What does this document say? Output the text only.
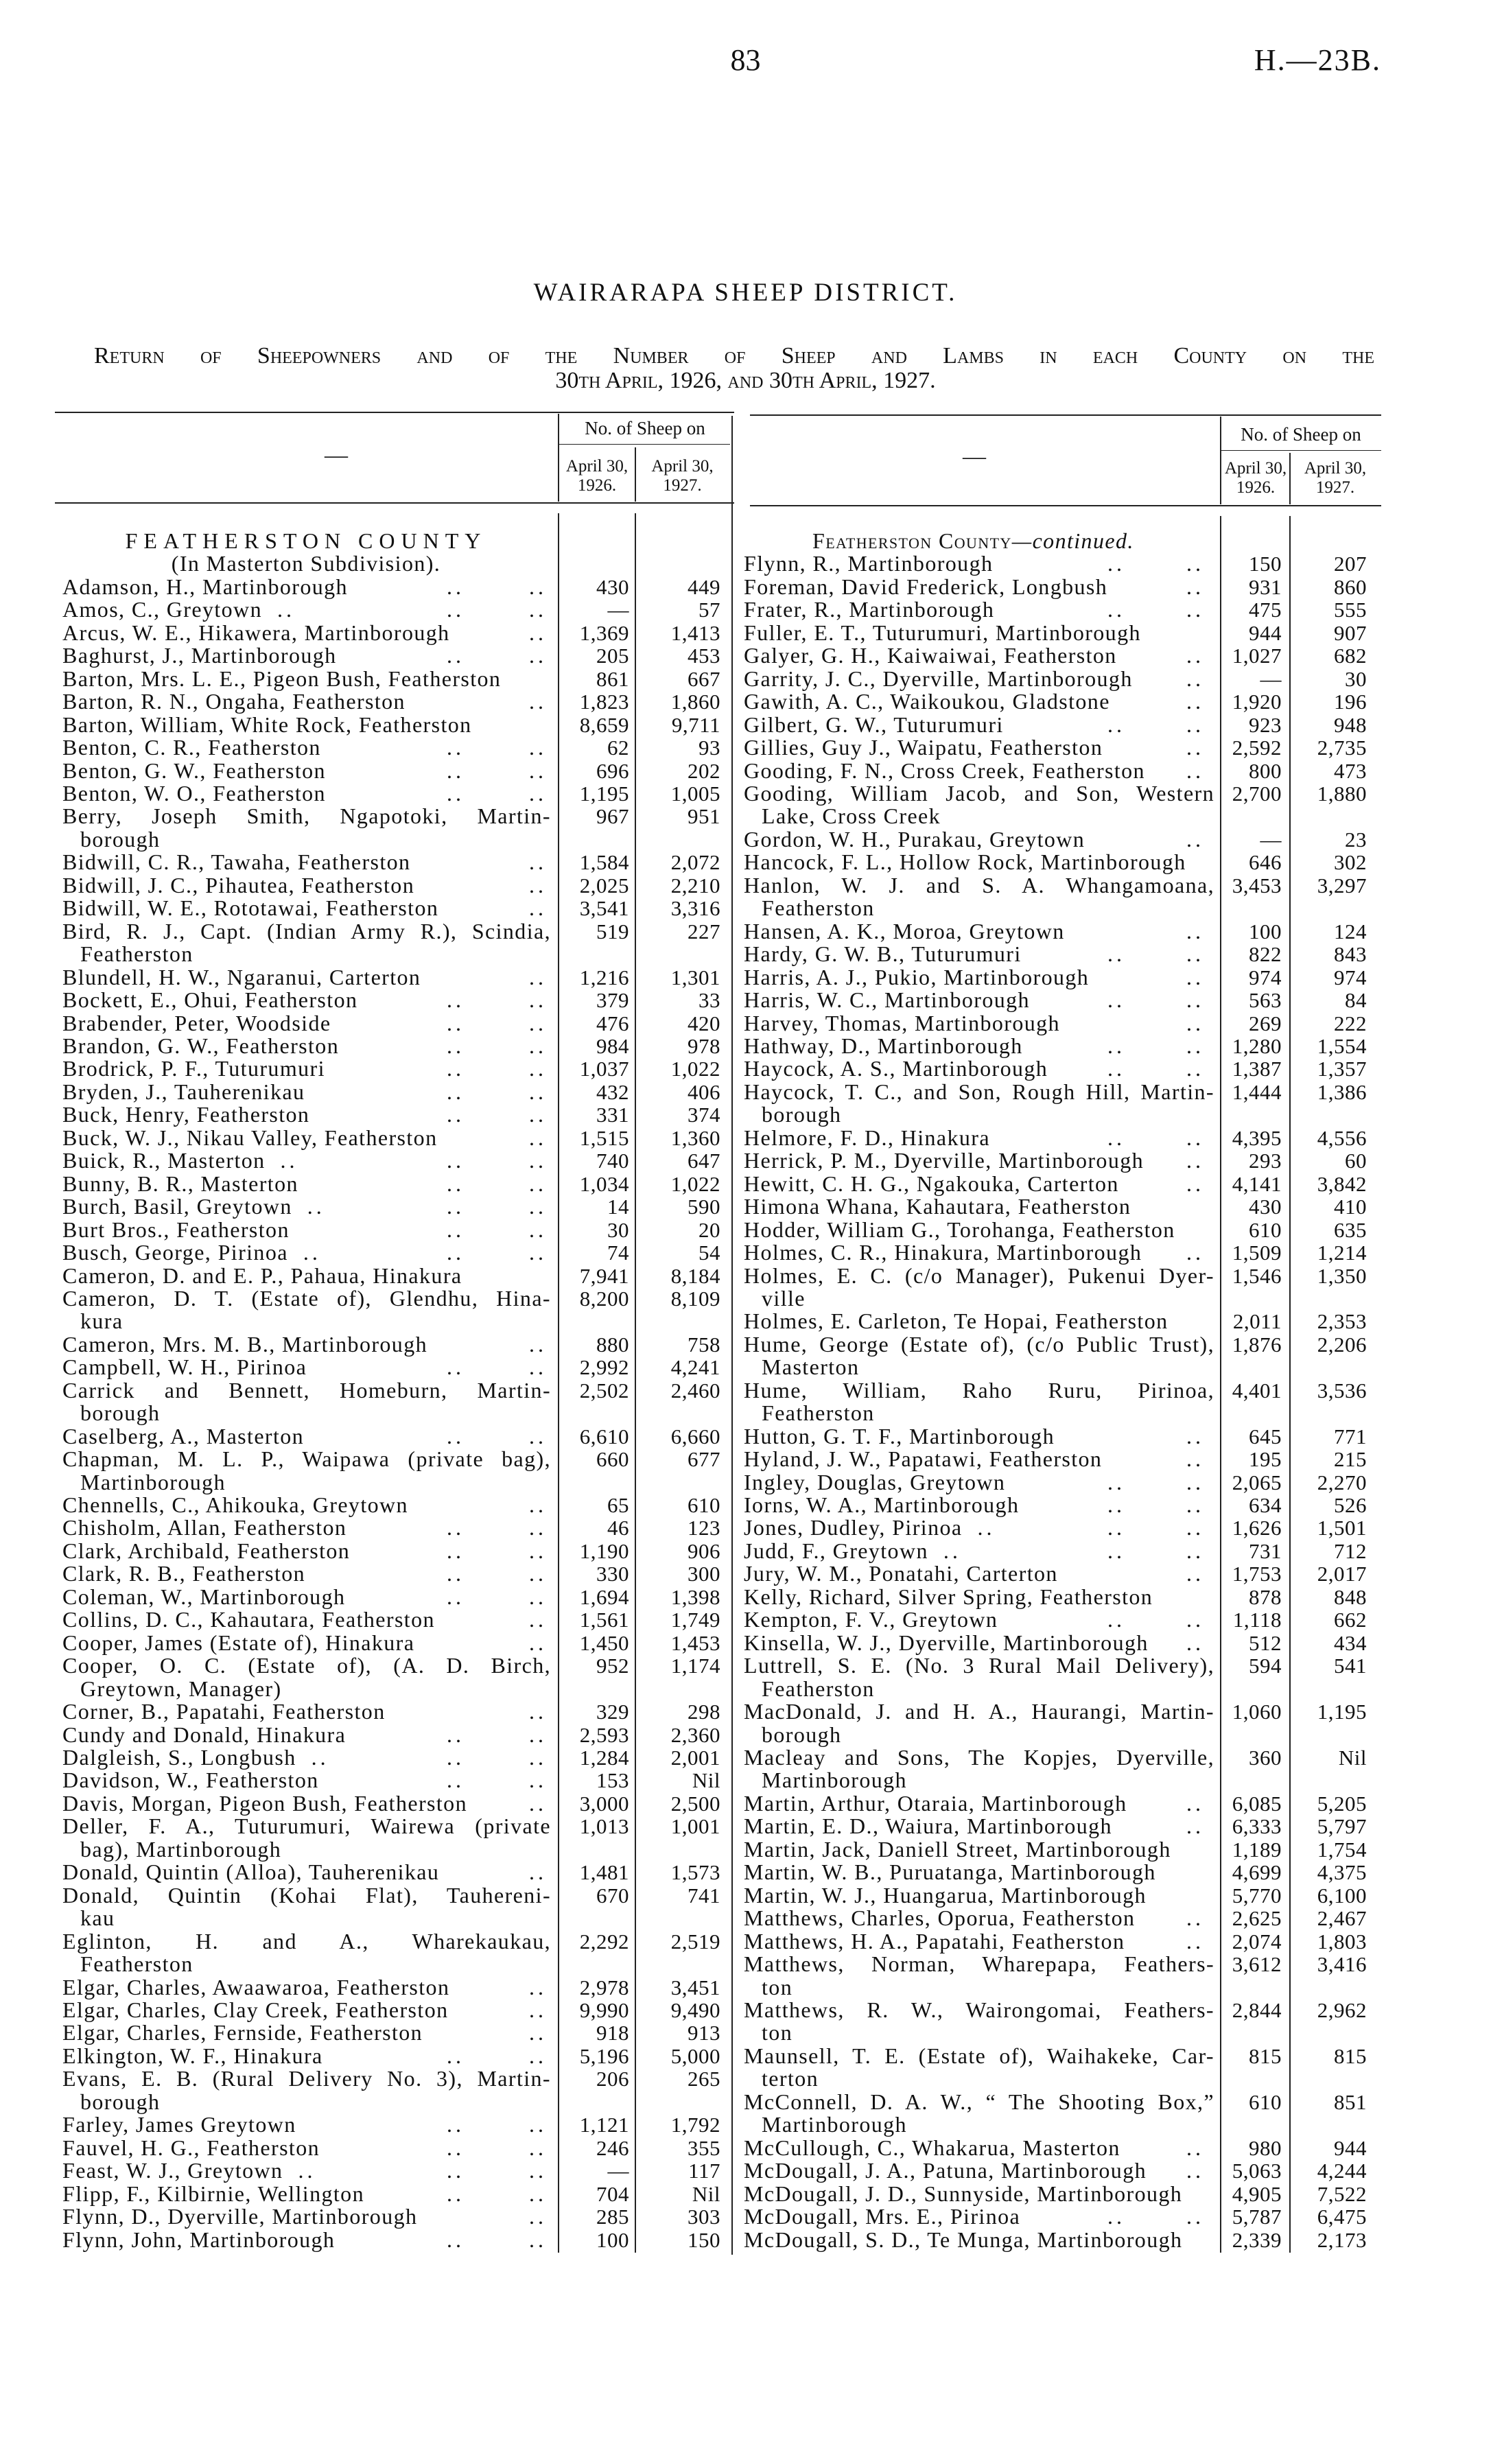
83	H.—23B.
WAIRARAPA SHEEP DISTRICT.
Return of Sheepowners and of the Number of Sheep and Lambs in each County on the
30th April, 1926, and 30th April, 1927.
—
No. of Sheep on
April 30,
1926.
April 30,
1927.
—
No. of Sheep on
April 30,
1926.
April 30,
1927.
FEATHERSTON COUNTY
(In Masterton Subdivision).
Adamson, H., Martinborough	..	.. 430	449
Amos, C., Greytown ..	..	..	—	57
Arcus, W. E., Hikawera, Martinborough	.. 1,369 1,413
Baghurst, J., Martinborough	..	.. 205	453
Barton, Mrs. L. E., Pigeon Bush, Featherston	861	667
Barton, R. N., Ongaha, Featherston	.. 1,823 1,860
Barton, William, White Rock, Featherston	8,659 9,711
Benton, C. R., Featherston	..	..	62	93
Benton, G. W., Featherston	..	.. 696	202
Benton, W. O., Featherston	..	.. 1,195 1,005
Berry, Joseph Smith, Ngapotoki, Martin- 967	951
borough
Bidwill, C. R., Tawaha, Featherston	.. 1,584 2,072
Bidwill, J. C., Pihautea, Featherston	.. 2,025 2,210
Bidwill, W. E., Rototawai, Featherston	.. 3,541 3,316
Bird, R. J., Capt. (Indian Army R.), Scindia, 519	227
Featherston
Blundell, H. W., Ngaranui, Carterton	.. 1,216 1,301
Bockett, E., Ohui, Featherston	..	.. 379	33
Brabender, Peter, Woodside	..	.. 476	420
Brandon, G. W., Featherston	..	.. 984	978
Brodrick, P. F., Tuturumuri	..	.. 1,037 1,022
Bryden, J., Tauherenikau	..	.. 432	406
Buck, Henry, Featherston	..	.. 331	374
Buck, W. J., Nikau Valley, Featherston	.. 1,515 1,360
Buick, R., Masterton ..	..	.. 740	647
Bunny, B. R., Masterton	..	.. 1,034 1,022
Burch, Basil, Greytown ..	..	..	14	590
Burt Bros., Featherston	..	..	30	20
Busch, George, Pirinoa ..	..	..	74	54
Cameron, D. and E. P., Pahaua, Hinakura	7,941 8,184
Cameron, D. T. (Estate of), Glendhu, Hina- 8,200 8,109
kura
Cameron, Mrs. M. B., Martinborough	.. 880	758
Campbell, W. H., Pirinoa	..	.. 2,992 4,241
Carrick and Bennett, Homeburn, Martin- 2,502 2,460
borough
Caselberg, A., Masterton	..	.. 6,610 6,660
Chapman, M. L. P., Waipawa (private bag), 660	677
Martinborough
Chennells, C., Ahikouka, Greytown	..	65	610
Chisholm, Allan, Featherston	..	..	46	123
Clark, Archibald, Featherston	..	.. 1,190	906
Clark, R. B., Featherston	..	.. 330	300
Coleman, W., Martinborough	..	.. 1,694 1,398
Collins, D. C., Kahautara, Featherston	.. 1,561 1,749
Cooper, James (Estate of), Hinakura	.. 1,450 1,453
Cooper, O. C. (Estate of), (A. D. Birch, 952 1,174
Greytown, Manager)
Corner, B., Papatahi, Featherston	.. 329	298
Cundy and Donald, Hinakura	..	.. 2,593 2,360
Dalgleish, S., Longbush ..	..	.. 1,284 2,001
Davidson, W., Featherston	..	.. 153	Nil
Davis, Morgan, Pigeon Bush, Featherston	.. 3,000 2,500
Deller, F. A., Tuturumuri, Wairewa (private 1,013 1,001
bag), Martinborough
Donald, Quintin (Alloa), Tauherenikau	.. 1,481 1,573
Donald, Quintin (Kohai Flat), Tauhereni- 670	741
kau
Eglinton, H. and A., Wharekaukau, 2,292 2,519
Featherston
Elgar, Charles, Awaawaroa, Featherston	.. 2,978 3,451
Elgar, Charles, Clay Creek, Featherston	.. 9,990 9,490
Elgar, Charles, Fernside, Featherston	.. 918	913
Elkington, W. F., Hinakura	..	.. 5,196 5,000
Evans, E. B. (Rural Delivery No. 3), Martin- 206	265
borough
Farley, James Greytown	..	.. 1,121 1,792
Fauvel, H. G., Featherston	..	.. 246	355
Feast, W. J., Greytown ..	..	..	—	117
Flipp, F., Kilbirnie, Wellington	..	.. 704	Nil
Flynn, D., Dyerville, Martinborough	.. 285	303
Flynn, John, Martinborough	..	.. 100	150
Featherston County—continued.
Flynn, R., Martinborough	..	.. 150 207
Foreman, David Frederick, Longbush	.. 931 860
Frater, R., Martinborough	..	.. 475 555
Fuller, E. T., Tuturumuri, Martinborough	944 907
Galyer, G. H., Kaiwaiwai, Featherston	.. 1,027 682
Garrity, J. C., Dyerville, Martinborough ..	—	30
Gawith, A. C., Waikoukou, Gladstone	.. 1,920 196
Gilbert, G. W., Tuturumuri	..	.. 923 948
Gillies, Guy J., Waipatu, Featherston	.. 2,592 2,735
Gooding, F. N., Cross Creek, Featherston .. 800 473
Gooding, William Jacob, and Son, Western 2,700 1,880
Lake, Cross Creek
Gordon, W. H., Purakau, Greytown	..	—	23
Hancock, F. L., Hollow Rock, Martinborough	646 302
Hanlon, W. J. and S. A. Whangamoana, 3,453 3,297
Featherston
Hansen, A. K., Moroa, Greytown	.. 100 124
Hardy, G. W. B., Tuturumuri	..	.. 822 843
Harris, A. J., Pukio, Martinborough	.. 974 974
Harris, W. C., Martinborough	..	.. 563	84
Harvey, Thomas, Martinborough	.. 269 222
Hathway, D., Martinborough	..	.. 1,280 1,554
Haycock, A. S., Martinborough	..	.. 1,387 1,357
Haycock, T. C., and Son, Rough Hill, Martin- 1,444 1,386
borough
Helmore, F. D., Hinakura	..	.. 4,395 4,556
Herrick, P. M., Dyerville, Martinborough .. 293	60
Hewitt, C. H. G., Ngakouka, Carterton	.. 4,141 3,842
Himona Whana, Kahautara, Featherston	430 410
Hodder, William G., Torohanga, Featherston	610 635
Holmes, C. R., Hinakura, Martinborough .. 1,509 1,214
Holmes, E. C. (c/o Manager), Pukenui Dyer- 1,546 1,350
ville
Holmes, E. Carleton, Te Hopai, Featherston	2,011 2,353
Hume, George (Estate of), (c/o Public Trust), 1,876 2,206
Masterton
Hume, William, Raho Ruru, Pirinoa, 4,401 3,536
Featherston
Hutton, G. T. F., Martinborough	.. 645 771
Hyland, J. W., Papatawi, Featherston	.. 195 215
Ingley, Douglas, Greytown	..	.. 2,065 2,270
Iorns, W. A., Martinborough	..	.. 634 526
Jones, Dudley, Pirinoa ..	..	.. 1,626 1,501
Judd, F., Greytown ..	..	.. 731 712
Jury, W. M., Ponatahi, Carterton	.. 1,753 2,017
Kelly, Richard, Silver Spring, Featherston	878 848
Kempton, F. V., Greytown	..	.. 1,118 662
Kinsella, W. J., Dyerville, Martinborough .. 512 434
Luttrell, S. E. (No. 3 Rural Mail Delivery), 594 541
Featherston
MacDonald, J. and H. A., Haurangi, Martin- 1,060 1,195
borough
Macleay and Sons, The Kopjes, Dyerville, 360	Nil
Martinborough
Martin, Arthur, Otaraia, Martinborough	.. 6,085 5,205
Martin, E. D., Waiura, Martinborough	.. 6,333 5,797
Martin, Jack, Daniell Street, Martinborough	1,189 1,754
Martin, W. B., Puruatanga, Martinborough	4,699 4,375
Martin, W. J., Huangarua, Martinborough	5,770 6,100
Matthews, Charles, Oporua, Featherston .. 2,625 2,467
Matthews, H. A., Papatahi, Featherston	.. 2,074 1,803
Matthews, Norman, Wharepapa, Feathers- 3,612 3,416
ton
Matthews, R. W., Wairongomai, Feathers- 2,844 2,962
ton
Maunsell, T. E. (Estate of), Waihakeke, Car- 815 815
terton
McConnell, D. A. W., “ The Shooting Box,” 610 851
Martinborough
McCullough, C., Whakarua, Masterton	.. 980 944
McDougall, J. A., Patuna, Martinborough .. 5,063 4,244
McDougall, J. D., Sunnyside, Martinborough 4,905 7,522
McDougall, Mrs. E., Pirinoa	..	.. 5,787 6,475
McDougall, S. D., Te Munga, Martinborough 2,339 2,173
